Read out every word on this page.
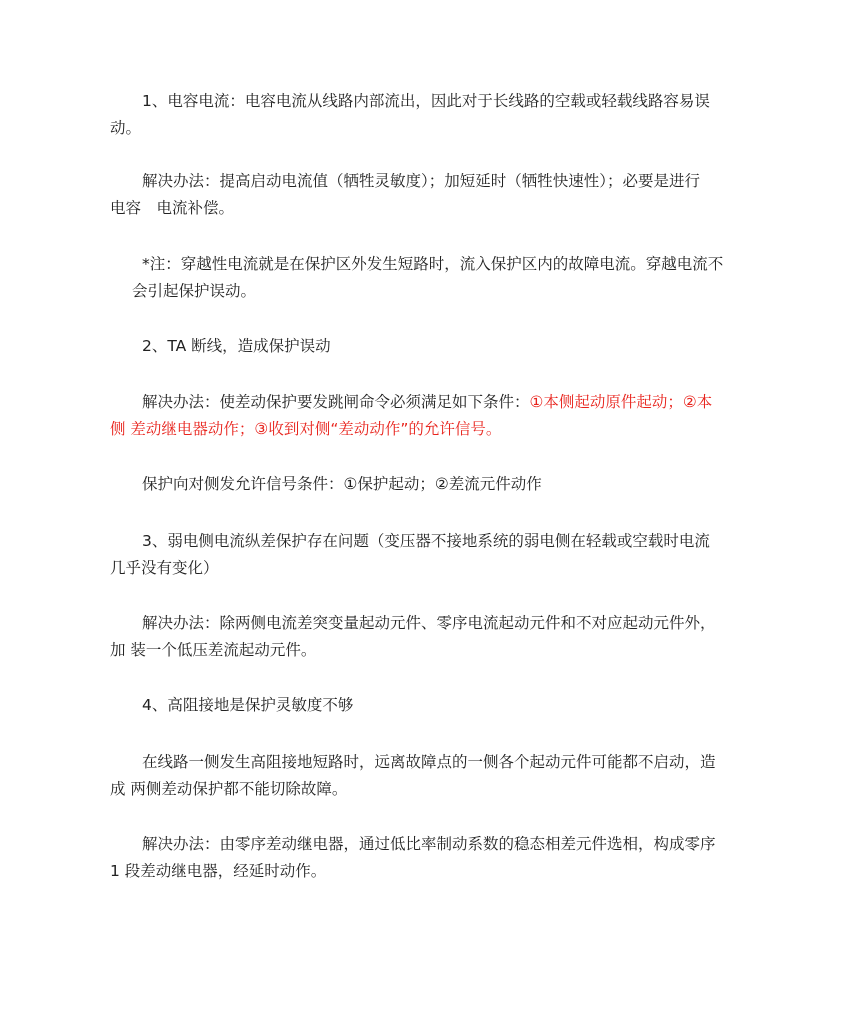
1、电容电流：电容电流从线路内部流出，因此对于长线路的空载或轻载线路容易误
动。

解决办法：提高启动电流值（牺牲灵敏度）；加短延时（牺牲快速性）；必要是进行
电容　电流补偿。

*注：穿越性电流就是在保护区外发生短路时，流入保护区内的故障电流。穿越电流不
会引起保护误动。

2、TA 断线，造成保护误动

解决办法：使差动保护要发跳闸命令必须满足如下条件：①本侧起动原件起动；②本
侧 差动继电器动作；③收到对侧“差动动作”的允许信号。

保护向对侧发允许信号条件：①保护起动；②差流元件动作

3、弱电侧电流纵差保护存在问题（变压器不接地系统的弱电侧在轻载或空载时电流
几乎没有变化）

解决办法：除两侧电流差突变量起动元件、零序电流起动元件和不对应起动元件外，
加 装一个低压差流起动元件。

4、高阻接地是保护灵敏度不够

在线路一侧发生高阻接地短路时，远离故障点的一侧各个起动元件可能都不启动，造
成 两侧差动保护都不能切除故障。

解决办法：由零序差动继电器，通过低比率制动系数的稳态相差元件选相，构成零序
1 段差动继电器，经延时动作。
